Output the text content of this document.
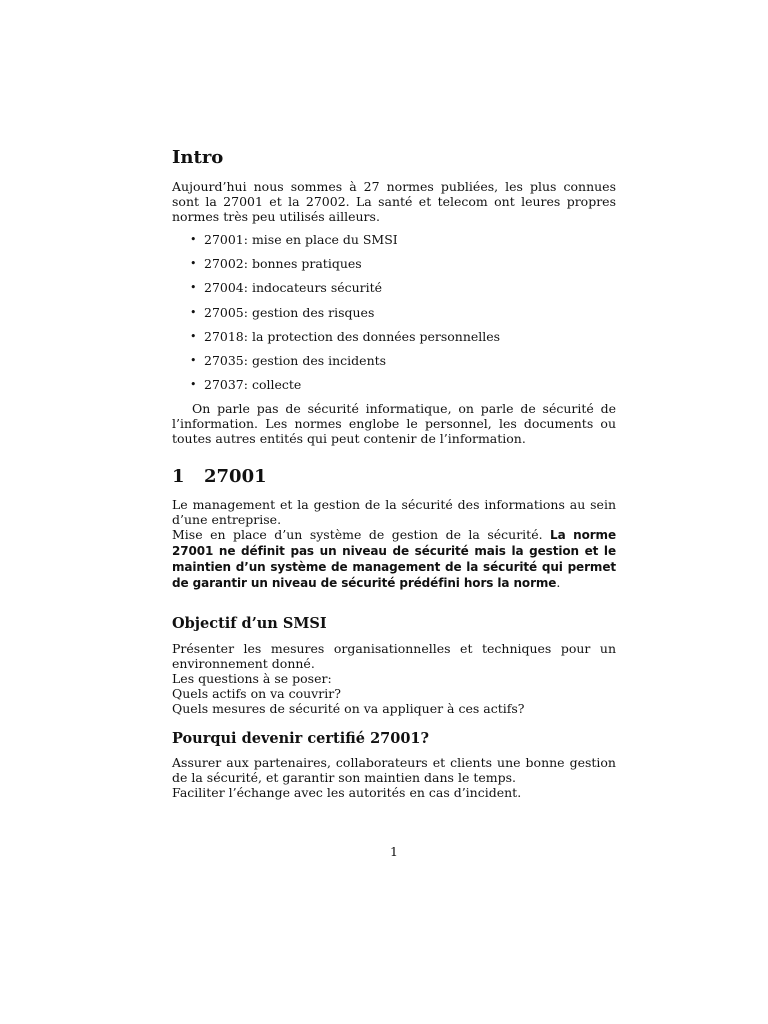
Intro

Aujourd’hui nous sommes à 27 normes publiées, les plus connues sont la 27001 et la 27002. La santé et telecom ont leures propres normes très peu utilisés ailleurs.

• 27001: mise en place du SMSI
• 27002: bonnes pratiques
• 27004: indocateurs sécurité
• 27005: gestion des risques
• 27018: la protection des données personnelles
• 27035: gestion des incidents
• 27037: collecte

On parle pas de sécurité informatique, on parle de sécurité de l’information. Les normes englobe le personnel, les documents ou toutes autres entités qui peut contenir de l’information.

1 27001

Le management et la gestion de la sécurité des informations au sein d’une entreprise.

Mise en place d’un système de gestion de la sécurité. La norme 27001 ne définit pas un niveau de sécurité mais la gestion et le maintien d’un système de management de la sécurité qui permet de garantir un niveau de sécurité prédéfini hors la norme.

Objectif d’un SMSI

Présenter les mesures organisationnelles et techniques pour un environnement donné.

Les questions à se poser:

Quels actifs on va couvrir?

Quels mesures de sécurité on va appliquer à ces actifs?

Pourqui devenir certifié 27001?

Assurer aux partenaires, collaborateurs et clients une bonne gestion de la sécurité, et garantir son maintien dans le temps.

Faciliter l’échange avec les autorités en cas d’incident.

1
